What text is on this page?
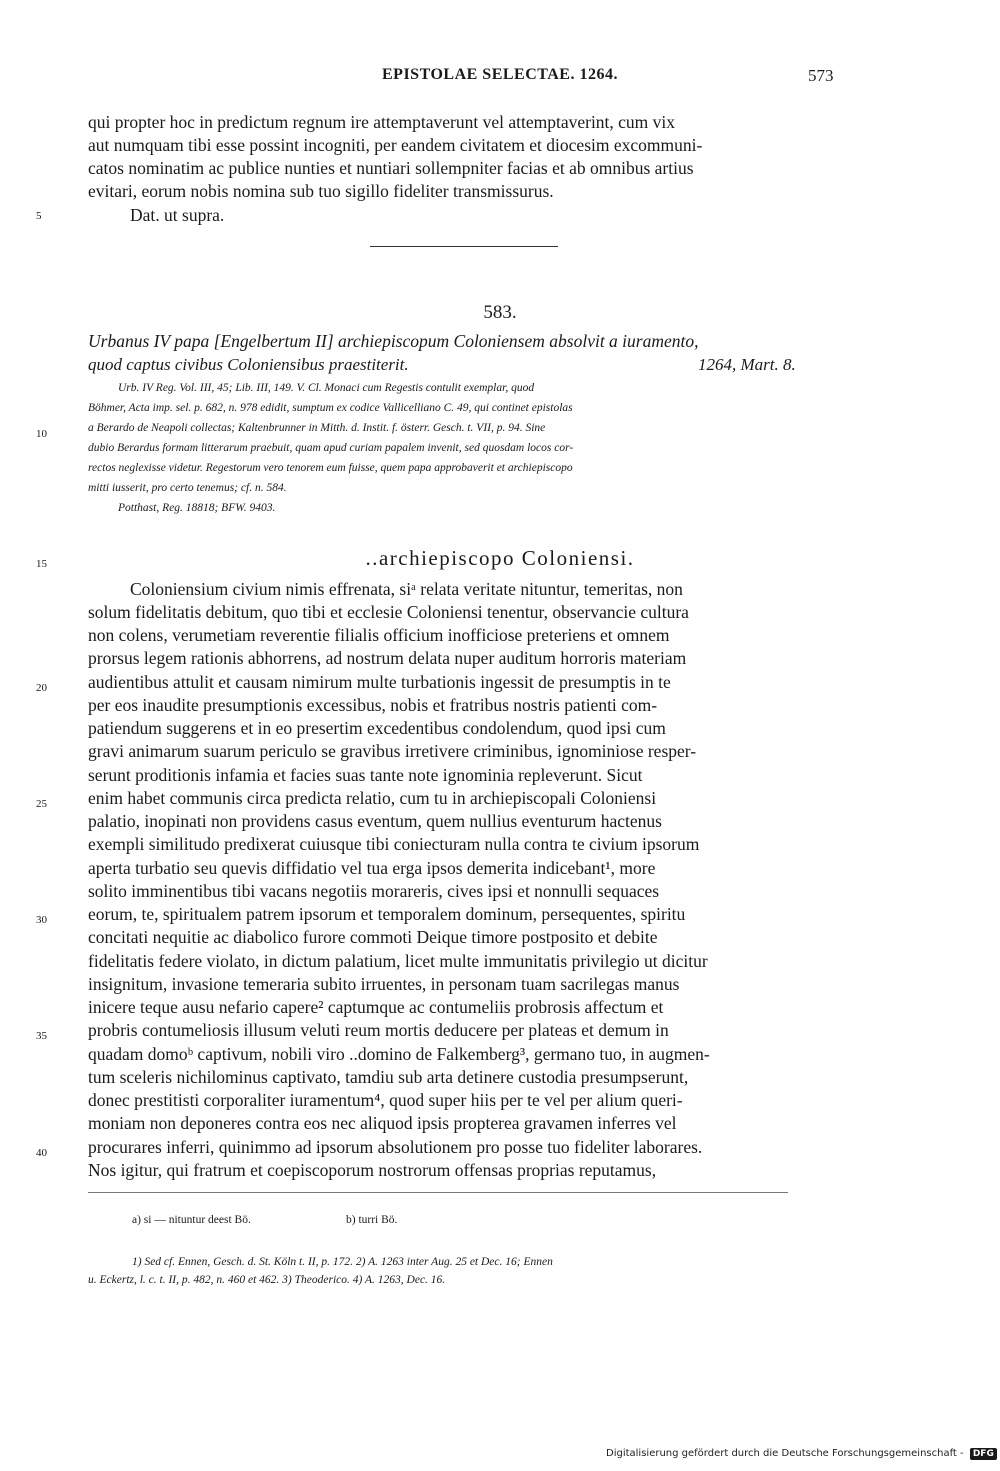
EPISTOLAE SELECTAE. 1264.	573
qui propter hoc in predictum regnum ire attemptaverunt vel attemptaverint, cum vix
aut numquam tibi esse possint incogniti, per eandem civitatem et diocesim excommuni-
catos nominatim ac publice nunties et nuntiari sollempniter facias et ab omnibus artius
evitari, eorum nobis nomina sub tuo sigillo fideliter transmissurus.
Dat. ut supra.
5
583.
Urbanus IV papa [Engelbertum II] archiepiscopum Coloniensem absolvit a iuramento,
quod captus civibus Coloniensibus praestiterit.	1264, Mart. 8.
Urb. IV Reg. Vol. III, 45; Lib. III, 149. V. Cl. Monaci cum Regestis contulit exemplar, quod
Böhmer, Acta imp. sel. p. 682, n. 978 edidit, sumptum ex codice Vallicelliano C. 49, qui continet epistolas
a Berardo de Neapoli collectas; Kaltenbrunner in Mitth. d. Instit. f. österr. Gesch. t. VII, p. 94. Sine
dubio Berardus formam litterarum praebuit, quam apud curiam papalem invenit, sed quosdam locos cor-
rectos neglexisse videtur. Regestorum vero tenorem eum fuisse, quem papa approbaverit et archiepiscopo
mitti iusserit, pro certo tenemus; cf. n. 584.
Potthast, Reg. 18818; BFW. 9403.
10
..archiepiscopo Coloniensi.
15
Coloniensium civium nimis effrenata, siᵃ relata veritate nituntur, temeritas, non
solum fidelitatis debitum, quo tibi et ecclesie Coloniensi tenentur, observancie cultura
non colens, verumetiam reverentie filialis officium inofficiose preteriens et omnem
prorsus legem rationis abhorrens, ad nostrum delata nuper auditum horroris materiam
audientibus attulit et causam nimirum multe turbationis ingessit de presumptis in te
per eos inaudite presumptionis excessibus, nobis et fratribus nostris patienti com-
patiendum suggerens et in eo presertim excedentibus condolendum, quod ipsi cum
gravi animarum suarum periculo se gravibus irretivere criminibus, ignominiose resper-
serunt proditionis infamia et facies suas tante note ignominia repleverunt. Sicut
enim habet communis circa predicta relatio, cum tu in archiepiscopali Coloniensi
palatio, inopinati non providens casus eventum, quem nullius eventurum hactenus
exempli similitudo predixerat cuiusque tibi coniecturam nulla contra te civium ipsorum
aperta turbatio seu quevis diffidatio vel tua erga ipsos demerita indicebant¹, more
solito imminentibus tibi vacans negotiis morareris, cives ipsi et nonnulli sequaces
eorum, te, spiritualem patrem ipsorum et temporalem dominum, persequentes, spiritu
concitati nequitie ac diabolico furore commoti Deique timore postposito et debite
fidelitatis federe violato, in dictum palatium, licet multe immunitatis privilegio ut dicitur
insignitum, invasione temeraria subito irruentes, in personam tuam sacrilegas manus
inicere teque ausu nefario capere² captumque ac contumeliis probrosis affectum et
probris contumeliosis illusum veluti reum mortis deducere per plateas et demum in
quadam domoᵇ captivum, nobili viro ..domino de Falkemberg³, germano tuo, in augmen-
tum sceleris nichilominus captivato, tamdiu sub arta detinere custodia presumpserunt,
donec prestitisti corporaliter iuramentum⁴, quod super hiis per te vel per alium queri-
moniam non deponeres contra eos nec aliquod ipsis propterea gravamen inferres vel
procurares inferri, quinimmo ad ipsorum absolutionem pro posse tuo fideliter laborares.
Nos igitur, qui fratrum et coepiscoporum nostrorum offensas proprias reputamus,
20
25
30
35
40
a) si — nituntur deest Bö.	b) turri Bö.
1) Sed cf. Ennen, Gesch. d. St. Köln t. II, p. 172. 2) A. 1263 inter Aug. 25 et Dec. 16; Ennen
u. Eckertz, l. c. t. II, p. 482, n. 460 et 462. 3) Theoderico. 4) A. 1263, Dec. 16.
Digitalisierung gefördert durch die Deutsche Forschungsgemeinschaft - DFG
